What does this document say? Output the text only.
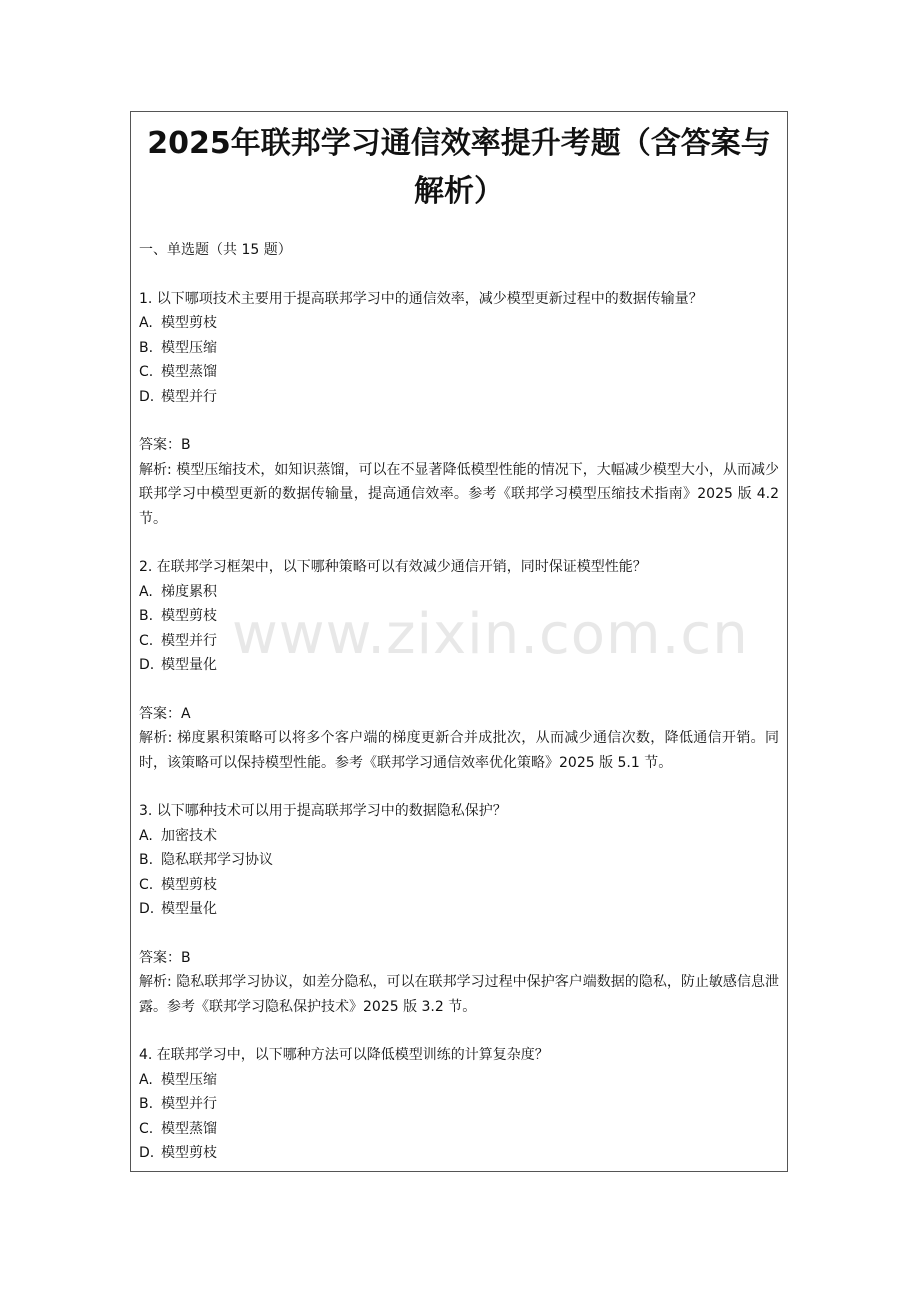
2025年联邦学习通信效率提升考题（含答案与解析）

一、单选题（共 15 题）

1. 以下哪项技术主要用于提高联邦学习中的通信效率，减少模型更新过程中的数据传输量？

A. 模型剪枝

B. 模型压缩

C. 模型蒸馏

D. 模型并行

答案：B

解析: 模型压缩技术，如知识蒸馏，可以在不显著降低模型性能的情况下，大幅减少模型大小，从而减少联邦学习中模型更新的数据传输量，提高通信效率。参考《联邦学习模型压缩技术指南》2025 版 4.2 节。

2. 在联邦学习框架中，以下哪种策略可以有效减少通信开销，同时保证模型性能？

A. 梯度累积

B. 模型剪枝

C. 模型并行

D. 模型量化

答案：A

解析: 梯度累积策略可以将多个客户端的梯度更新合并成批次，从而减少通信次数，降低通信开销。同时，该策略可以保持模型性能。参考《联邦学习通信效率优化策略》2025 版 5.1 节。

3. 以下哪种技术可以用于提高联邦学习中的数据隐私保护？

A. 加密技术

B. 隐私联邦学习协议

C. 模型剪枝

D. 模型量化

答案：B

解析: 隐私联邦学习协议，如差分隐私，可以在联邦学习过程中保护客户端数据的隐私，防止敏感信息泄露。参考《联邦学习隐私保护技术》2025 版 3.2 节。

4. 在联邦学习中，以下哪种方法可以降低模型训练的计算复杂度？

A. 模型压缩

B. 模型并行

C. 模型蒸馏

D. 模型剪枝

www.zixin.com.cn
